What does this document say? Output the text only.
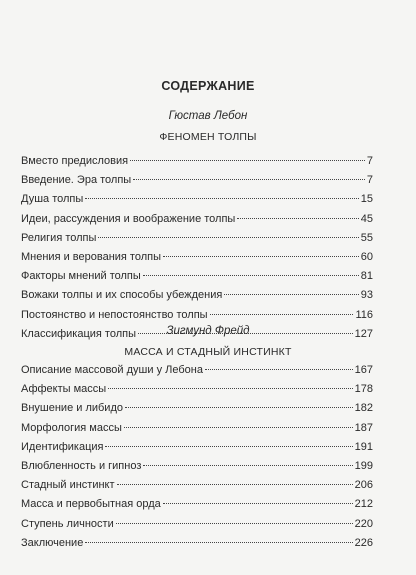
СОДЕРЖАНИЕ
Гюстав Лебон
ФЕНОМЕН ТОЛПЫ
Вместо предисловия	7
Введение. Эра толпы	7
Душа толпы	15
Идеи, рассуждения и воображение толпы	45
Религия толпы	55
Мнения и верования толпы	60
Факторы мнений толпы	81
Вожаки толпы и их способы убеждения	93
Постоянство и непостоянство толпы	116
Классификация толпы	127
Зигмунд Фрейд
МАССА И СТАДНЫЙ ИНСТИНКТ
Описание массовой души у Лебона	167
Аффекты массы	178
Внушение и либидо	182
Морфология массы	187
Идентификация	191
Влюбленность и гипноз	199
Стадный инстинкт	206
Масса и первобытная орда	212
Ступень личности	220
Заключение	226
